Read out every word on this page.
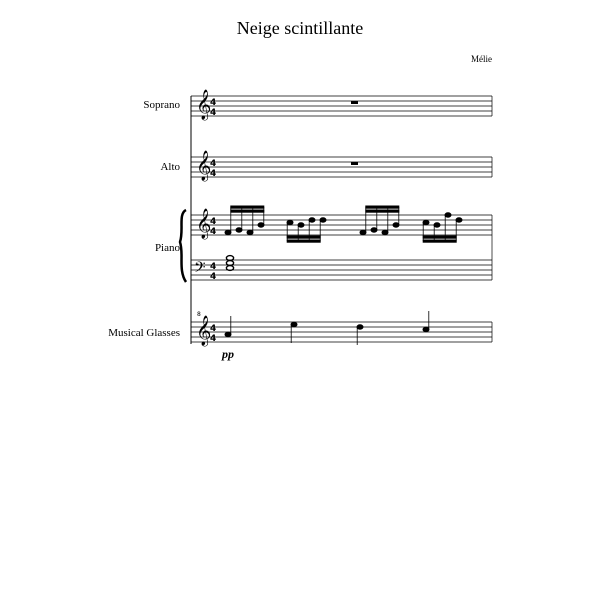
Neige scintillante
Mélie
Soprano
Alto
Piano
Musical Glasses
𝄞
4
4
𝄞
4
4
𝄞
4
4
𝄢 4
4
8
𝄞
4
4
pp
